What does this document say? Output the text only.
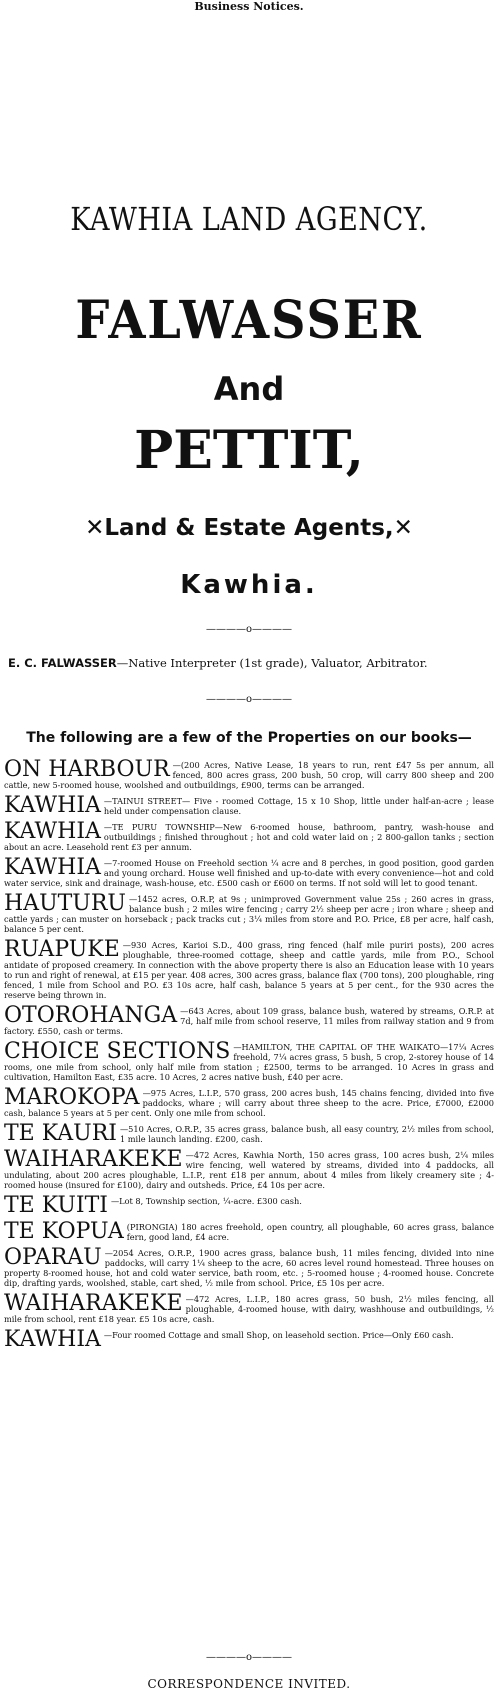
Business Notices.
KAWHIA LAND AGENCY.
FALWASSER
And
PETTIT,
✕Land & Estate Agents,✕
Kawhia.
————o————
E. C. FALWASSER—Native Interpreter (1st grade), Valuator, Arbitrator.
————o————
The following are a few of the Properties on our books—
ON HARBOUR —(200 Acres, Native Lease, 18 years to run, rent £47 5s per annum, all fenced, 800 acres grass, 200 bush, 50 crop, will carry 800 sheep and 200 cattle, new 5-roomed house, woolshed and outbuildings, £900, terms can be arranged.
KAWHIA —TAINUI STREET— Five - roomed Cottage, 15 x 10 Shop, little under half-an-acre ; lease held under compensation clause.
KAWHIA —TE PURU TOWNSHIP—New 6-roomed house, bathroom, pantry, wash-house and outbuildings ; finished throughout ; hot and cold water laid on ; 2 800-gallon tanks ; section about an acre. Leasehold rent £3 per annum.
KAWHIA —7-roomed House on Freehold section ¼ acre and 8 perches, in good position, good garden and young orchard. House well finished and up-to-date with every convenience—hot and cold water service, sink and drainage, wash-house, etc. £500 cash or £600 on terms. If not sold will let to good tenant.
HAUTURU —1452 acres, O.R.P, at 9s ; unimproved Government value 25s ; 260 acres in grass, balance bush ; 2 miles wire fencing ; carry 2½ sheep per acre ; iron whare ; sheep and cattle yards ; can muster on horseback ; pack tracks cut ; 3¼ miles from store and P.O. Price, £8 per acre, half cash, balance 5 per cent.
RUAPUKE —930 Acres, Karioi S.D., 400 grass, ring fenced (half mile puriri posts), 200 acres ploughable, three-roomed cottage, sheep and cattle yards, mile from P.O., School antidate of proposed creamery. In connection with the above property there is also an Education lease with 10 years to run and right of renewal, at £15 per year. 408 acres, 300 acres grass, balance flax (700 tons), 200 ploughable, ring fenced, 1 mile from School and P.O. £3 10s acre, half cash, balance 5 years at 5 per cent., for the 930 acres the reserve being thrown in.
OTOROHANGA —643 Acres, about 109 grass, balance bush, watered by streams, O.R.P. at 7d, half mile from school reserve, 11 miles from railway station and 9 from factory. £550, cash or terms.
CHOICE SECTIONS —HAMILTON, THE CAPITAL OF THE WAIKATO—17¼ Acres freehold, 7¼ acres grass, 5 bush, 5 crop, 2-storey house of 14 rooms, one mile from school, only half mile from station ; £2500, terms to be arranged. 10 Acres in grass and cultivation, Hamilton East, £35 acre. 10 Acres, 2 acres native bush, £40 per acre.
MAROKOPA —975 Acres, L.I.P., 570 grass, 200 acres bush, 145 chains fencing, divided into five paddocks, whare ; will carry about three sheep to the acre. Price, £7000, £2000 cash, balance 5 years at 5 per cent. Only one mile from school.
TE KAURI —510 Acres, O.R.P., 35 acres grass, balance bush, all easy country, 2½ miles from school, 1 mile launch landing. £200, cash.
WAIHARAKEKE —472 Acres, Kawhia North, 150 acres grass, 100 acres bush, 2¼ miles wire fencing, well watered by streams, divided into 4 paddocks, all undulating, about 200 acres ploughable, L.I.P., rent £18 per annum, about 4 miles from likely creamery site ; 4-roomed house (insured for £100), dairy and outsheds. Price, £4 10s per acre.
TE KUITI —Lot 8, Township section, ¼-acre. £300 cash.
TE KOPUA (PIRONGIA) 180 acres freehold, open country, all ploughable, 60 acres grass, balance fern, good land, £4 acre.
OPARAU —2054 Acres, O.R.P., 1900 acres grass, balance bush, 11 miles fencing, divided into nine paddocks, will carry 1¼ sheep to the acre, 60 acres level round homestead. Three houses on property 8-roomed house, hot and cold water service, bath room, etc. ; 5-roomed house ; 4-roomed house. Concrete dip, drafting yards, woolshed, stable, cart shed, ½ mile from school. Price, £5 10s per acre.
WAIHARAKEKE —472 Acres, L.I.P., 180 acres grass, 50 bush, 2½ miles fencing, all ploughable, 4-roomed house, with dairy, washhouse and outbuildings, ½ mile from school, rent £18 year. £5 10s acre, cash.
KAWHIA —Four roomed Cottage and small Shop, on leasehold section. Price—Only £60 cash.
————o————
CORRESPONDENCE INVITED.
